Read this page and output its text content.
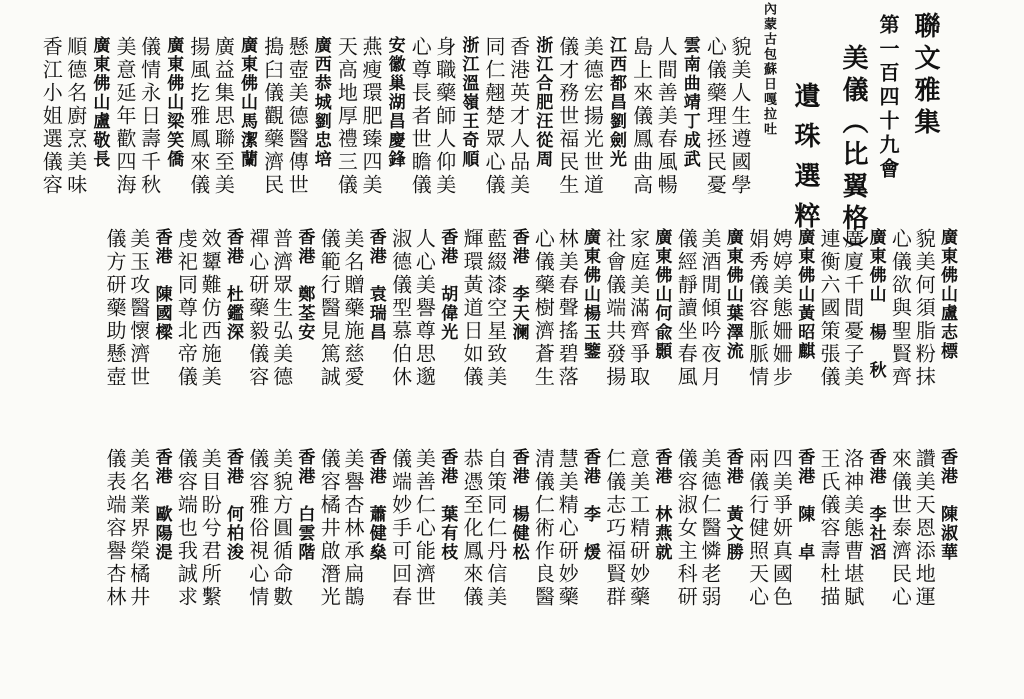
聯文雅集
第一百四十九會
美儀（比翼格）
遺珠選粹
內蒙古包蘇日嘎拉吐
貌美人生遵國學
心儀藥理拯民憂
雲南曲靖丁成武
人間善美春風暢
島上來儀鳳曲高
江西都昌劉劍光
美德宏揚光世道
儀才務世福民生
浙江合肥汪從周
香港英才人品美
同仁翹楚眾心儀
浙江溫嶺王奇順
身職藥師人仰美
心尊長者世瞻儀
安徽巢湖昌慶鋒
燕瘦環肥臻四美
天高地厚禮三儀
廣西恭城劉忠培
懸壺美德醫傳世
搗臼儀觀藥濟民
廣東佛山馬潔蘭
廣益集思聯至美
揚風扢雅鳳來儀
廣東佛山梁笑僑
儀情永日壽千秋
美意延年歡四海
廣東佛山盧敬長
順德名廚烹美味
香江小姐選儀容
廣東佛山盧志標
貌美何須脂粉抹
心儀欲與聖賢齊
廣東佛山　楊　秋
廣廈千間憂子美
連衡六國策張儀
廣東佛山黃昭麒
娉婷美態姍姍步
娟秀儀容脈脈情
廣東佛山葉澤流
美酒閒傾吟夜月
儀經靜讀坐春風
廣東佛山何兪顥
家庭美滿齊爭取
社會儀端共發揚
廣東佛山楊玉鑒
林美春聲搖碧落
心儀藥樹濟蒼生
香港　李天澜
藍綴漆空星致美
輝環黃道日如儀
香港　胡偉光
人心美譽尊思邈
淑德儀型慕伯休
香港　袁瑞昌
美名贈藥施慈愛
儀範行醫見篤誠
香港　鄭荃安
普濟眾生弘美德
禪心研藥毅儀容
香港　杜鑑深
效顰難仿西施美
虔祀同尊北帝儀
香港　陳國樑
美玉攻醫懷濟世
儀方研藥助懸壺
香港　陳淑華
讚美天恩添地運
來儀世泰濟民心
香港　李社滔
洛神美態曹堪賦
王氏儀容壽杜描
香港　陳　卓
四美爭妍真國色
兩儀行健照天心
香港　黃文勝
美德仁醫憐老弱
儀容淑女主科研
香港　林燕就
意美工精研妙藥
仁儀志巧福賢群
香港　李　煖
慧美精心研妙藥
清儀仁術作良醫
香港　楊健松
自策同仁丹信美
恭憑至化鳳來儀
香港　葉有枝
美善仁心能濟世
儀端妙手可回春
香港　蕭健燊
美譽杏林承扁鵲
儀容橘井啟潛光
香港　白雲階
美貌方圓循命數
儀容雅俗視心情
香港　何柏浚
美目盼兮君所繫
儀容端也我誠求
香港　歐陽湜
美名業界榮橘井
儀表端容譽杏林
